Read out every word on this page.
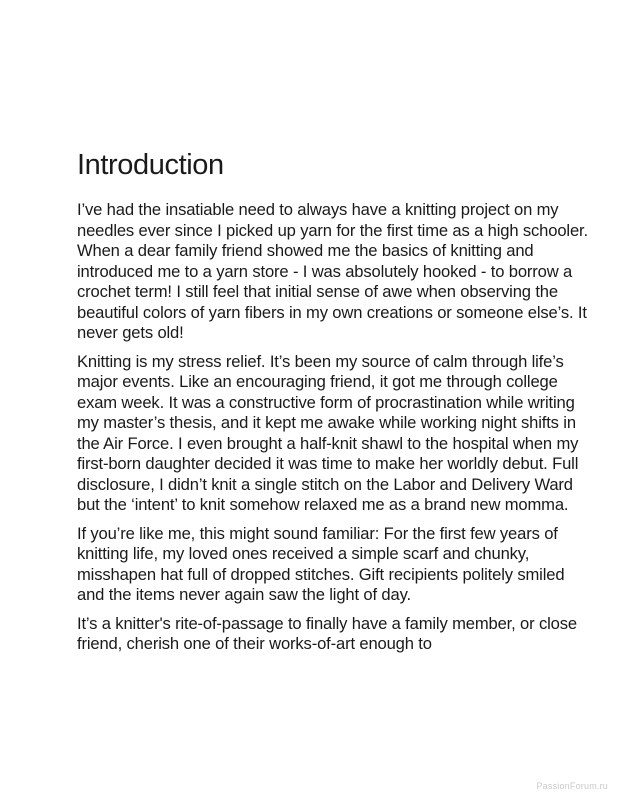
Introduction

I’ve had the insatiable need to always have a knitting project on my needles ever since I picked up yarn for the first time as a high schooler. When a dear family friend showed me the basics of knitting and introduced me to a yarn store - I was absolutely hooked - to borrow a crochet term! I still feel that initial sense of awe when observing the beautiful colors of yarn fibers in my own creations or someone else’s. It never gets old!

Knitting is my stress relief. It’s been my source of calm through life’s major events. Like an encouraging friend, it got me through college exam week. It was a constructive form of procrastination while writing my master’s thesis, and it kept me awake while working night shifts in the Air Force. I even brought a half-knit shawl to the hospital when my first-born daughter decided it was time to make her worldly debut. Full disclosure, I didn’t knit a single stitch on the Labor and Delivery Ward but the ‘intent’ to knit somehow relaxed me as a brand new momma.

If you’re like me, this might sound familiar: For the first few years of knitting life, my loved ones received a simple scarf and chunky, misshapen hat full of dropped stitches. Gift recipients politely smiled and the items never again saw the light of day.

It’s a knitter's rite-of-passage to finally have a family member, or close friend, cherish one of their works-of-art enough to

PassionForum.ru
